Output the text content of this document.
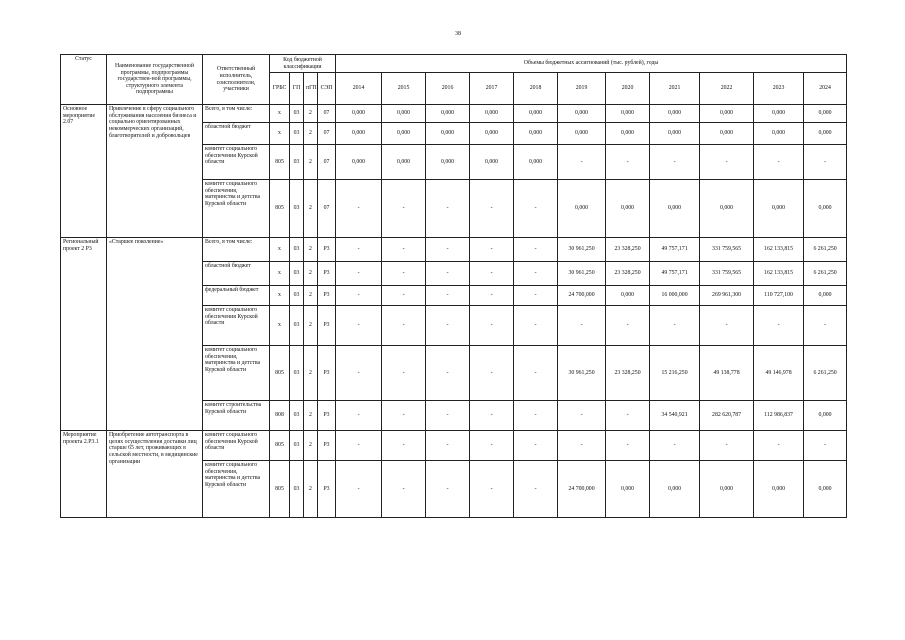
38
Статус	Наименование государственной программы, подпрограммы государствен-ной программы, структурного элемента подпрограммы	Ответственный исполнитель, соисполнители, участники	Код бюджетной классификации				Объемы бюджетных ассигнований (тыс. рублей), годы										
			ГРБС	ГП	пГП	СЭП	2014	2015	2016	2017	2018	2019	2020	2021	2022	2023	2024
Основное мероприятие 2.07	Привлечение в сферу социального обслуживания населения бизнеса и социально ориентированных некоммерческих организаций, благотворителей и добровольцев	Всего, в том числе:	х	03	2	07	0,000	0,000	0,000	0,000	0,000	0,000	0,000	0,000	0,000	0,000	0,000
		областной бюджет	х	03	2	07	0,000	0,000	0,000	0,000	0,000	0,000	0,000	0,000	0,000	0,000	0,000
		комитет социального обеспечения Курской области	805	03	2	07	0,000	0,000	0,000	0,000	0,000	-	-	-	-	-	-
		комитет социального обеспечения, материнства и детства Курской области	805	03	2	07	-	-	-	-	-	0,000	0,000	0,000	0,000	0,000	0,000
Региональный проект 2 Р3	«Старшее поколение»	Всего, в том числе:	х	03	2	Р3	-	-	-	-	-	30 961,250	23 328,250	49 757,171	331 759,565	162 133,815	6 261,250
		областной бюджет	х	03	2	Р3	-	-	-	-	-	30 961,250	23 328,250	49 757,171	331 759,565	162 133,815	6 261,250
		федеральный бюджет	х	03	2	Р3	-	-	-	-	-	24 700,000	0,000	16 000,000	269 961,300	110 727,100	0,000
		комитет социального обеспечения Курской области	х	03	2	Р3	-	-	-	-	-	-	-	-	-	-	-
		комитет социального обеспечения, материнства и детства Курской области	805	03	2	Р3	-	-	-	-	-	30 961,250	23 328,250	15 216,250	49 138,778	49 146,978	6 261,250
		комитет строительства Курской области	808	03	2	Р3	-	-	-	-	-	-	-	34 540,921	282 620,787	112 986,837	0,000
Мероприятие проекта 2.Р3.1	Приобретение автотранспорта в целях осуществления доставки лиц старше 65 лет, проживающих в сельской местности, в медицинские организации	комитет социального обеспечения Курской области	805	03	2	Р3	-	-	-	-	-	-	-	-	-	-	-
		комитет социального обеспечения, материнства и детства Курской области	805	03	2	Р3	-	-	-	-	-	24 700,000	0,000	0,000	0,000	0,000	0,000
